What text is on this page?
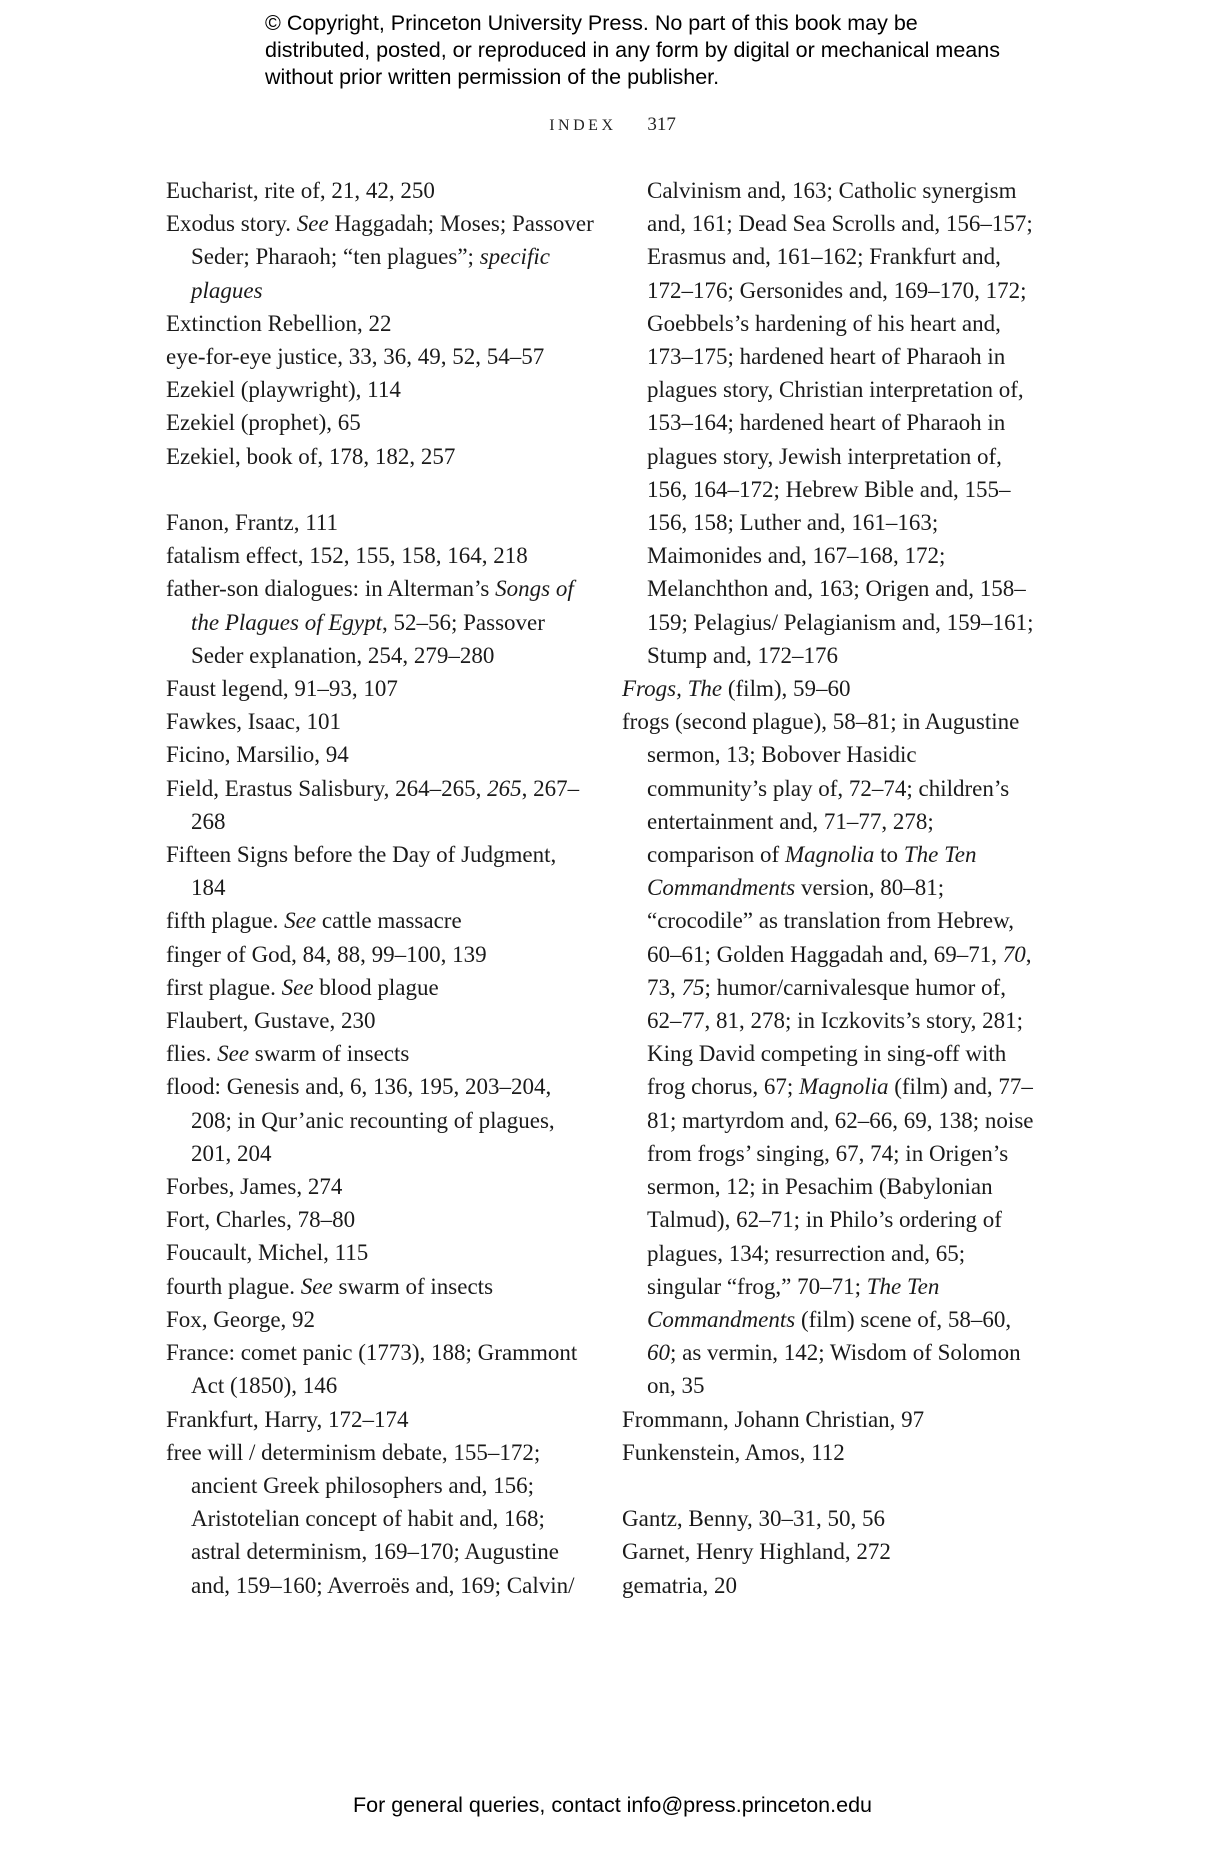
© Copyright, Princeton University Press. No part of this book may be distributed, posted, or reproduced in any form by digital or mechanical means without prior written permission of the publisher.
INDEX 317
Eucharist, rite of, 21, 42, 250
Exodus story. See Haggadah; Moses; Passover Seder; Pharaoh; “ten plagues”; specific plagues
Extinction Rebellion, 22
eye-for-eye justice, 33, 36, 49, 52, 54–57
Ezekiel (playwright), 114
Ezekiel (prophet), 65
Ezekiel, book of, 178, 182, 257
Fanon, Frantz, 111
fatalism effect, 152, 155, 158, 164, 218
father-son dialogues: in Alterman’s Songs of the Plagues of Egypt, 52–56; Passover Seder explanation, 254, 279–280
Faust legend, 91–93, 107
Fawkes, Isaac, 101
Ficino, Marsilio, 94
Field, Erastus Salisbury, 264–265, 265, 267–268
Fifteen Signs before the Day of Judgment, 184
fifth plague. See cattle massacre
finger of God, 84, 88, 99–100, 139
first plague. See blood plague
Flaubert, Gustave, 230
flies. See swarm of insects
flood: Genesis and, 6, 136, 195, 203–204, 208; in Qur’anic recounting of plagues, 201, 204
Forbes, James, 274
Fort, Charles, 78–80
Foucault, Michel, 115
fourth plague. See swarm of insects
Fox, George, 92
France: comet panic (1773), 188; Grammont Act (1850), 146
Frankfurt, Harry, 172–174
free will / determinism debate, 155–172; ancient Greek philosophers and, 156; Aristotelian concept of habit and, 168; astral determinism, 169–170; Augustine and, 159–160; Averroës and, 169; Calvin/
Calvinism and, 163; Catholic synergism and, 161; Dead Sea Scrolls and, 156–157; Erasmus and, 161–162; Frankfurt and, 172–176; Gersonides and, 169–170, 172; Goebbels’s hardening of his heart and, 173–175; hardened heart of Pharaoh in plagues story, Christian interpretation of, 153–164; hardened heart of Pharaoh in plagues story, Jewish interpretation of, 156, 164–172; Hebrew Bible and, 155–156, 158; Luther and, 161–163; Maimonides and, 167–168, 172; Melanchthon and, 163; Origen and, 158–159; Pelagius/ Pelagianism and, 159–161; Stump and, 172–176
Frogs, The (film), 59–60
frogs (second plague), 58–81; in Augustine sermon, 13; Bobover Hasidic community’s play of, 72–74; children’s entertainment and, 71–77, 278; comparison of Magnolia to The Ten Commandments version, 80–81; “crocodile” as translation from Hebrew, 60–61; Golden Haggadah and, 69–71, 70, 73, 75; humor/carnivalesque humor of, 62–77, 81, 278; in Iczkovits’s story, 281; King David competing in sing-off with frog chorus, 67; Magnolia (film) and, 77–81; martyrdom and, 62–66, 69, 138; noise from frogs’ singing, 67, 74; in Origen’s sermon, 12; in Pesachim (Babylonian Talmud), 62–71; in Philo’s ordering of plagues, 134; resurrection and, 65; singular “frog,” 70–71; The Ten Commandments (film) scene of, 58–60, 60; as vermin, 142; Wisdom of Solomon on, 35
Frommann, Johann Christian, 97
Funkenstein, Amos, 112
Gantz, Benny, 30–31, 50, 56
Garnet, Henry Highland, 272
gematria, 20
For general queries, contact info@press.princeton.edu
